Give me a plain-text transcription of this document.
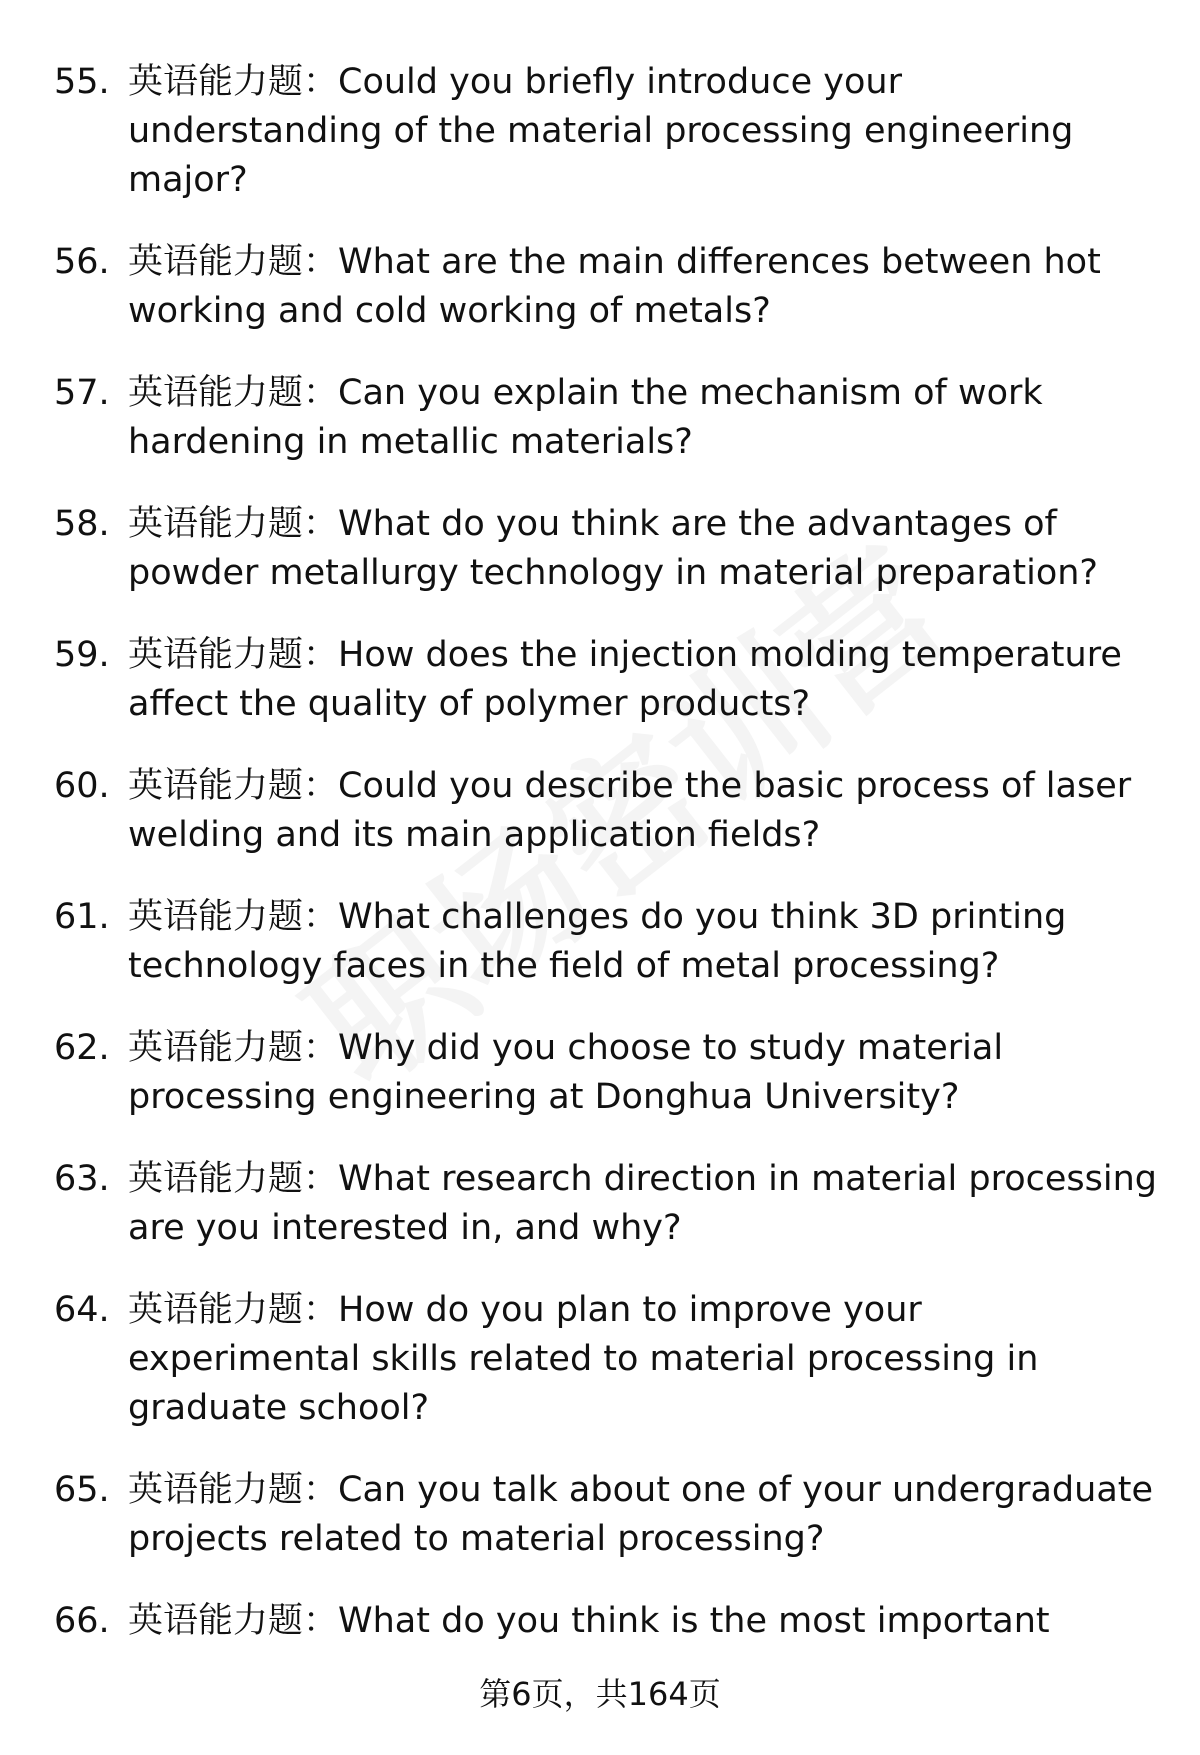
55. 英语能力题：Could you briefly introduce your understanding of the material processing engineering major?
56. 英语能力题：What are the main differences between hot working and cold working of metals?
57. 英语能力题：Can you explain the mechanism of work hardening in metallic materials?
58. 英语能力题：What do you think are the advantages of powder metallurgy technology in material preparation?
59. 英语能力题：How does the injection molding temperature affect the quality of polymer products?
60. 英语能力题：Could you describe the basic process of laser welding and its main application fields?
61. 英语能力题：What challenges do you think 3D printing technology faces in the field of metal processing?
62. 英语能力题：Why did you choose to study material processing engineering at Donghua University?
63. 英语能力题：What research direction in material processing are you interested in, and why?
64. 英语能力题：How do you plan to improve your experimental skills related to material processing in graduate school?
65. 英语能力题：Can you talk about one of your undergraduate projects related to material processing?
66. 英语能力题：What do you think is the most important
第6页，共164页
